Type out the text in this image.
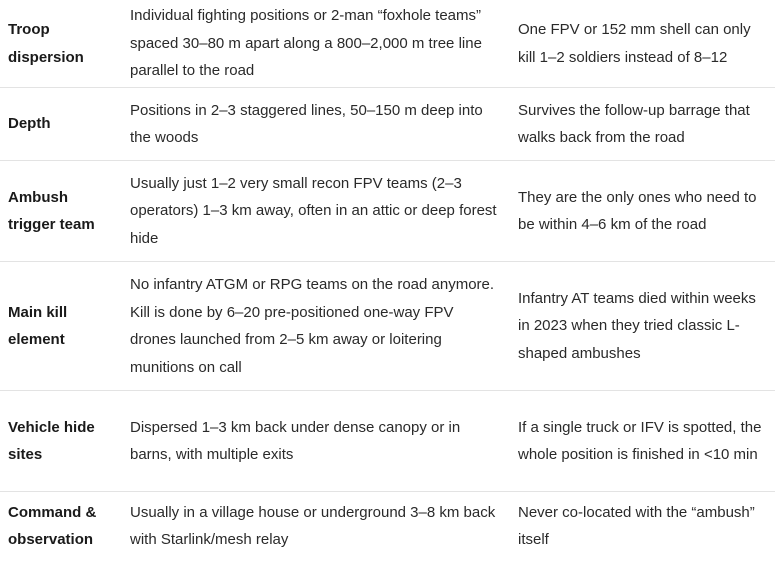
Troop dispersion	Individual fighting positions or 2-man “foxhole teams” spaced 30–80 m apart along a 800–2,000 m tree line parallel to the road	One FPV or 152 mm shell can only kill 1–2 soldiers instead of 8–12
Depth	Positions in 2–3 staggered lines, 50–150 m deep into the woods	Survives the follow-up barrage that walks back from the road
Ambush trigger team	Usually just 1–2 very small recon FPV teams (2–3 operators) 1–3 km away, often in an attic or deep forest hide	They are the only ones who need to be within 4–6 km of the road
Main kill element	No infantry ATGM or RPG teams on the road anymore. Kill is done by 6–20 pre-positioned one-way FPV drones launched from 2–5 km away or loitering munitions on call	Infantry AT teams died within weeks in 2023 when they tried classic L-shaped ambushes
Vehicle hide sites	Dispersed 1–3 km back under dense canopy or in barns, with multiple exits	If a single truck or IFV is spotted, the whole position is finished in <10 min
Command & observation	Usually in a village house or underground 3–8 km back with Starlink/mesh relay	Never co-located with the “ambush” itself
